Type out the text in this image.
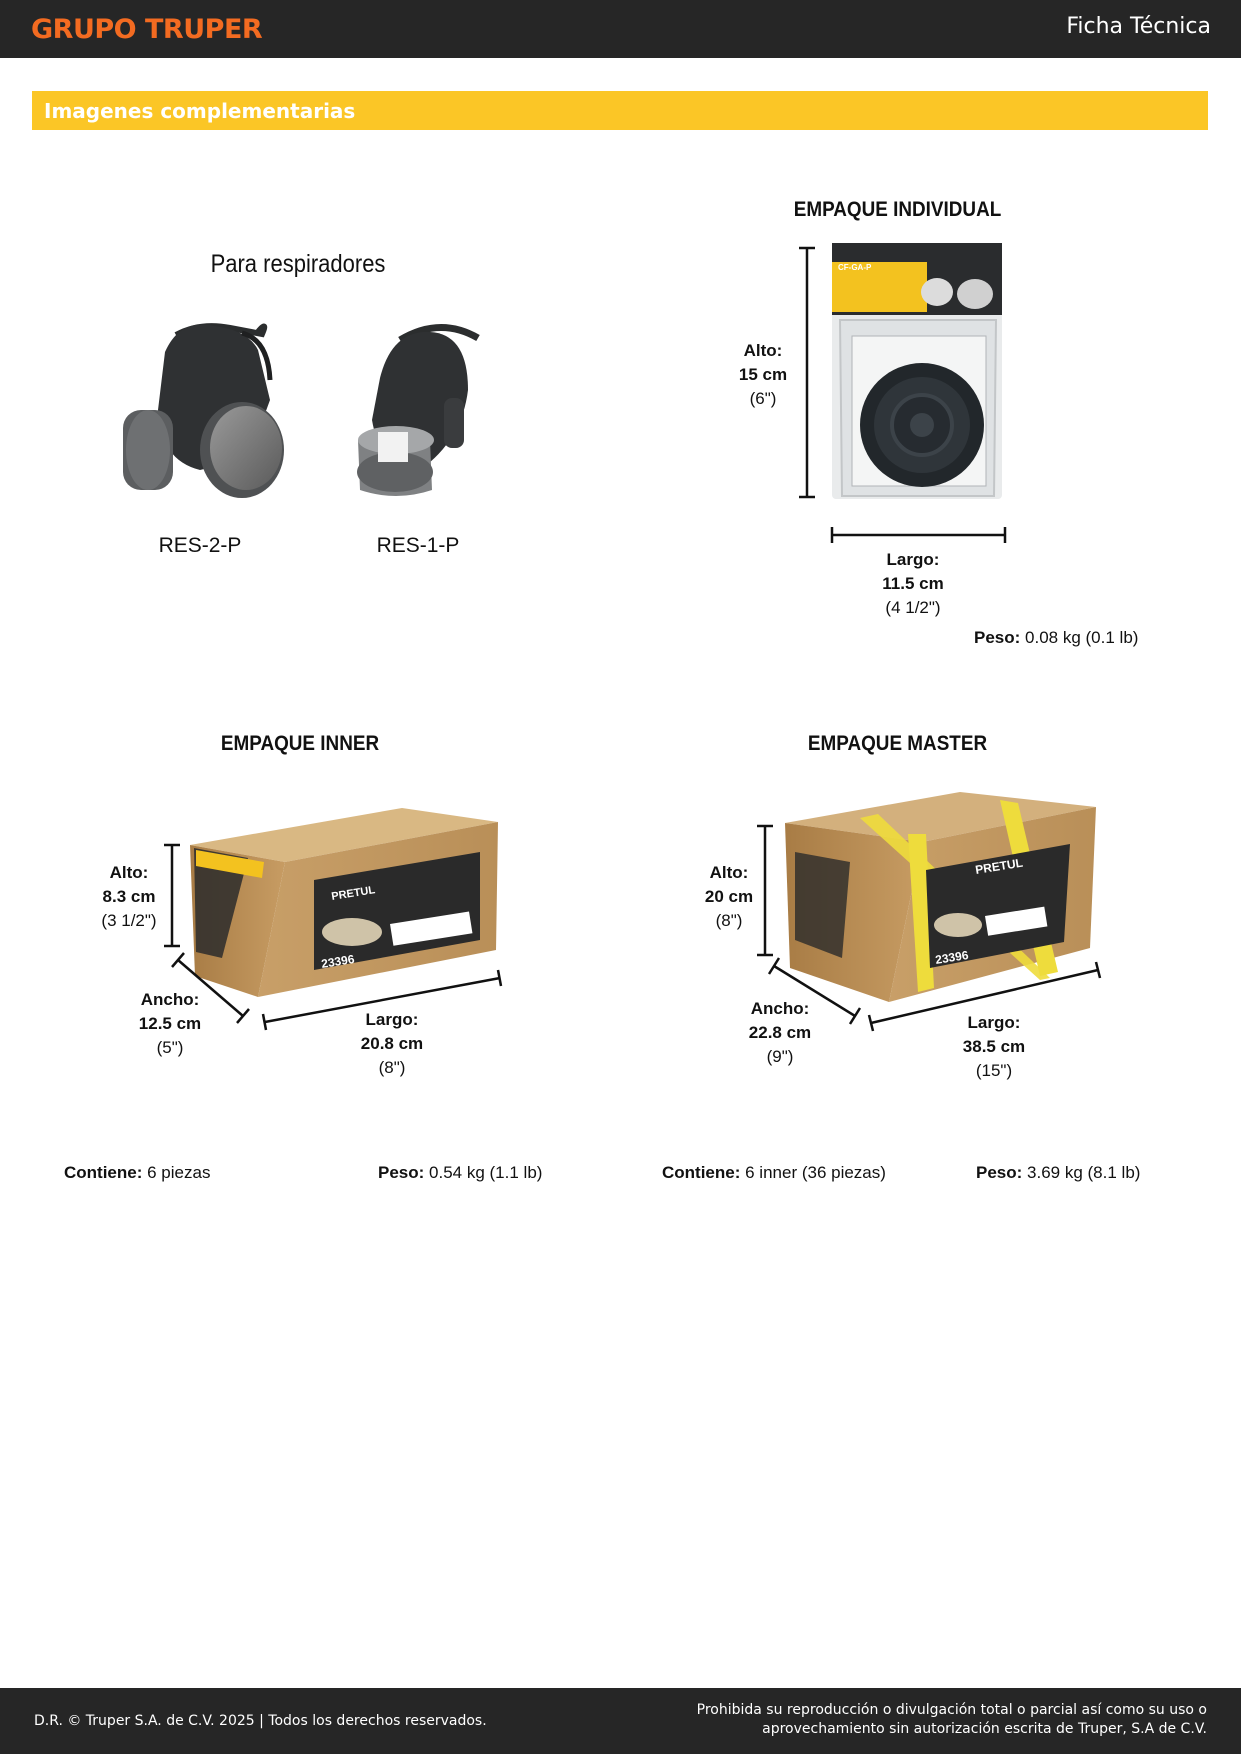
GRUPO TRUPER	Ficha Técnica
Imagenes complementarias
CF-GA-P
PRETUL
23396
PRETUL
23396
Para respiradores
RES-2-P	RES-1-P
EMPAQUE INDIVIDUAL
Alto:
15 cm
(6")
Largo:
11.5 cm
(4 1/2")
Peso: 0.08 kg (0.1 lb)
EMPAQUE INNER
Alto:
8.3 cm
(3 1/2")
Ancho:
12.5 cm
(5")
Largo:
20.8 cm
(8")
Contiene: 6 piezas	Peso: 0.54 kg (1.1 lb)
EMPAQUE MASTER
Alto:
20 cm
(8")
Ancho:
22.8 cm
(9")
Largo:
38.5 cm
(15")
Contiene: 6 inner (36 piezas)	Peso: 3.69 kg (8.1 lb)
D.R. © Truper S.A. de C.V. 2025 | Todos los derechos reservados.
Prohibida su reproducción o divulgación total o parcial así como su uso o
aprovechamiento sin autorización escrita de Truper, S.A de C.V.
